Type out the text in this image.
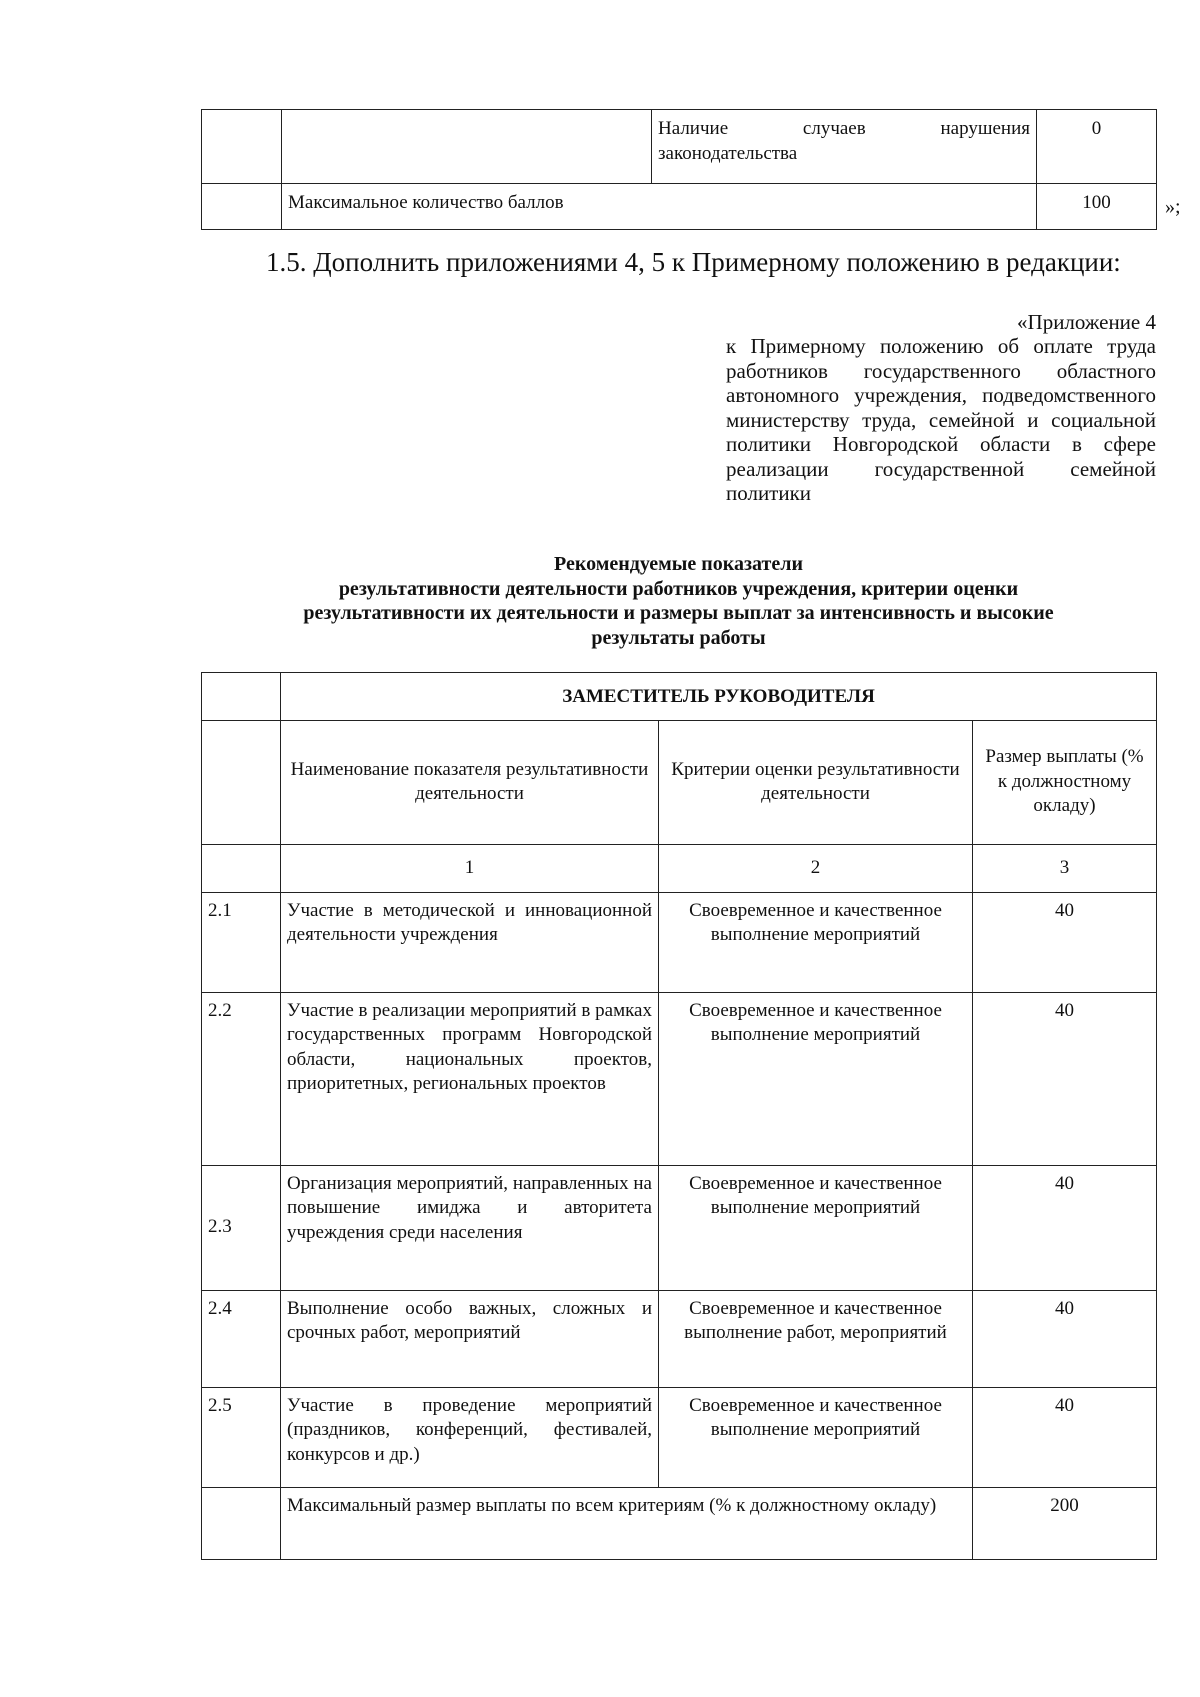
		Наличие случаев нарушения законодательства	0
	Максимальное количество баллов		100	»;
1.5. Дополнить приложениями 4, 5 к Примерному положению в редакции:
«Приложение 4
к Примерному положению об оплате труда работников государственного областного автономного учреждения, подведомственного министерству труда, семейной и социальной политики Новгородской области в сфере реализации государственной семейной политики
Рекомендуемые показатели
результативности деятельности работников учреждения, критерии оценки
результативности их деятельности и размеры выплат за интенсивность и высокие
результаты работы
	ЗАМЕСТИТЕЛЬ РУКОВОДИТЕЛЯ		
	Наименование показателя результативности деятельности	Критерии оценки результативности деятельности	Размер выплаты (% к должностному окладу)
	1	2	3
2.1	Участие в методической и инновационной деятельности учреждения	Своевременное и качественное выполнение мероприятий	40
2.2	Участие в реализации мероприятий в рамках государственных программ Новгородской области, национальных проектов, приоритетных, региональных проектов	Своевременное и качественное выполнение мероприятий	40
2.3	Организация мероприятий, направленных на повышение имиджа и авторитета учреждения среди населения	Своевременное и качественное выполнение мероприятий	40
2.4	Выполнение особо важных, сложных и срочных работ, мероприятий	Своевременное и качественное выполнение работ, мероприятий	40
2.5	Участие в проведение мероприятий (праздников, конференций, фестивалей, конкурсов и др.)	Своевременное и качественное выполнение мероприятий	40
	Максимальный размер выплаты по всем критериям (% к должностному окладу)		200
